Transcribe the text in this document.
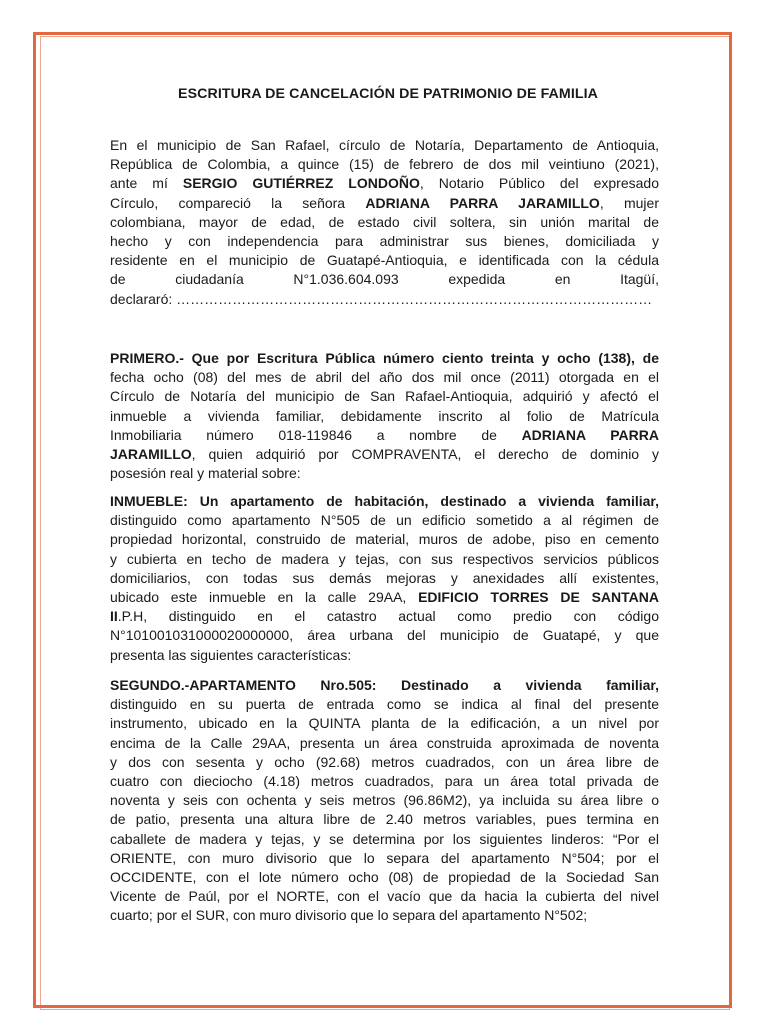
ESCRITURA DE CANCELACIÓN DE PATRIMONIO DE FAMILIA
En el municipio de San Rafael, círculo de Notaría, Departamento de Antioquia,
República de Colombia, a quince (15) de febrero de dos mil veintiuno (2021),
ante mí SERGIO GUTIÉRREZ LONDOÑO, Notario Público del expresado
Círculo, compareció la señora ADRIANA PARRA JARAMILLO, mujer
colombiana, mayor de edad, de estado civil soltera, sin unión marital de
hecho y con independencia para administrar sus bienes, domiciliada y
residente en el municipio de Guatapé-Antioquia, e identificada con la cédula
de ciudadanía N°1.036.604.093 expedida en Itagüí,
declararó: …………………………………………………………………………………………
PRIMERO.- Que por Escritura Pública número ciento treinta y ocho (138), de
fecha ocho (08) del mes de abril del año dos mil once (2011) otorgada en el
Círculo de Notaría del municipio de San Rafael-Antioquia, adquirió y afectó el
inmueble a vivienda familiar, debidamente inscrito al folio de Matrícula
Inmobiliaria número 018-119846 a nombre de ADRIANA PARRA
JARAMILLO, quien adquirió por COMPRAVENTA, el derecho de dominio y
posesión real y material sobre:
INMUEBLE: Un apartamento de habitación, destinado a vivienda familiar,
distinguido como apartamento N°505 de un edificio sometido a al régimen de
propiedad horizontal, construido de material, muros de adobe, piso en cemento
y cubierta en techo de madera y tejas, con sus respectivos servicios públicos
domiciliarios, con todas sus demás mejoras y anexidades allí existentes,
ubicado este inmueble en la calle 29AA, EDIFICIO TORRES DE SANTANA
II.P.H, distinguido en el catastro actual como predio con código
N°101001031000020000000, área urbana del municipio de Guatapé, y que
presenta las siguientes características:
SEGUNDO.-APARTAMENTO Nro.505: Destinado a vivienda familiar,
distinguido en su puerta de entrada como se indica al final del presente
instrumento, ubicado en la QUINTA planta de la edificación, a un nivel por
encima de la Calle 29AA, presenta un área construida aproximada de noventa
y dos con sesenta y ocho (92.68) metros cuadrados, con un área libre de
cuatro con dieciocho (4.18) metros cuadrados, para un área total privada de
noventa y seis con ochenta y seis metros (96.86M2), ya incluida su área libre o
de patio, presenta una altura libre de 2.40 metros variables, pues termina en
caballete de madera y tejas, y se determina por los siguientes linderos: “Por el
ORIENTE, con muro divisorio que lo separa del apartamento N°504; por el
OCCIDENTE, con el lote número ocho (08) de propiedad de la Sociedad San
Vicente de Paúl, por el NORTE, con el vacío que da hacia la cubierta del nivel
cuarto; por el SUR, con muro divisorio que lo separa del apartamento N°502;
